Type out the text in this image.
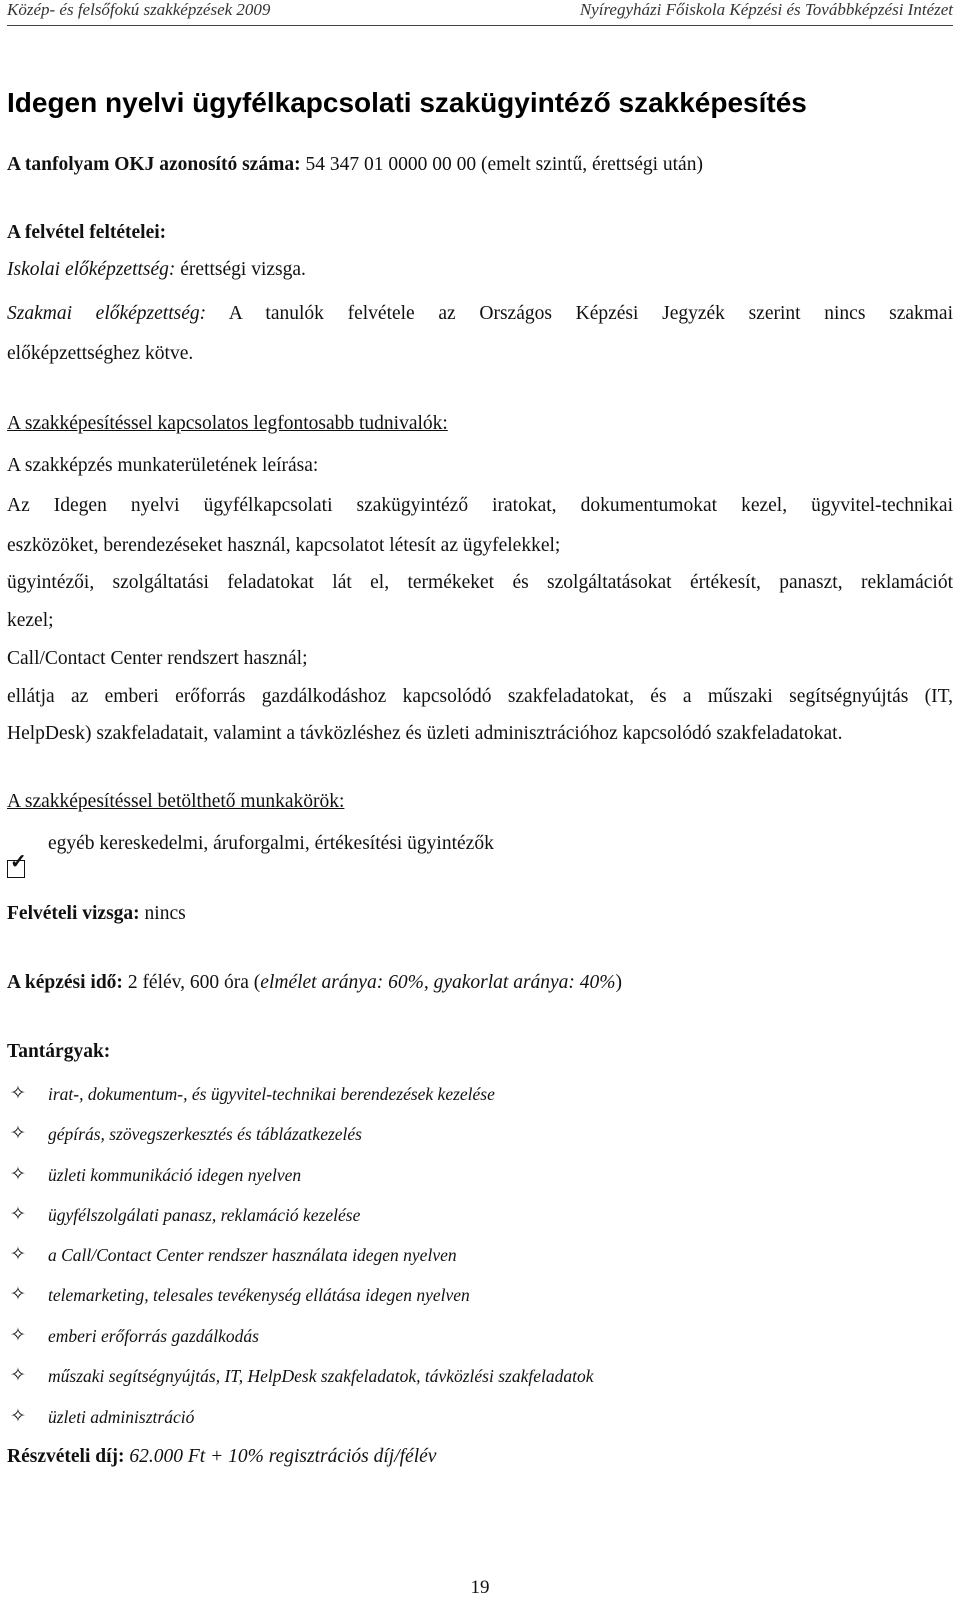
Közép- és felsőfokú szakképzések 2009	Nyíregyházi Főiskola Képzési és Továbbképzési Intézet
Idegen nyelvi ügyfélkapcsolati szakügyintéző szakképesítés
A tanfolyam OKJ azonosító száma: 54 347 01 0000 00 00 (emelt szintű, érettségi után)
A felvétel feltételei:
Iskolai előképzettség: érettségi vizsga.
Szakmai előképzettség: A tanulók felvétele az Országos Képzési Jegyzék szerint nincs szakmai
előképzettséghez kötve.
A szakképesítéssel kapcsolatos legfontosabb tudnivalók:
A szakképzés munkaterületének leírása:
Az Idegen nyelvi ügyfélkapcsolati szakügyintéző iratokat, dokumentumokat kezel, ügyvitel-technikai
eszközöket, berendezéseket használ, kapcsolatot létesít az ügyfelekkel;
ügyintézői, szolgáltatási feladatokat lát el, termékeket és szolgáltatásokat értékesít, panaszt, reklamációt
kezel;
Call/Contact Center rendszert használ;
ellátja az emberi erőforrás gazdálkodáshoz kapcsolódó szakfeladatokat, és a műszaki segítségnyújtás (IT,
HelpDesk) szakfeladatait, valamint a távközléshez és üzleti adminisztrációhoz kapcsolódó szakfeladatokat.
A szakképesítéssel betölthető munkakörök:
✓
egyéb kereskedelmi, áruforgalmi, értékesítési ügyintézők
Felvételi vizsga: nincs
A képzési idő: 2 félév, 600 óra (elmélet aránya: 60%, gyakorlat aránya: 40%)
Tantárgyak:
✧ irat-, dokumentum-, és ügyvitel-technikai berendezések kezelése
✧ gépírás, szövegszerkesztés és táblázatkezelés
✧ üzleti kommunikáció idegen nyelven
✧ ügyfélszolgálati panasz, reklamáció kezelése
✧ a Call/Contact Center rendszer használata idegen nyelven
✧ telemarketing, telesales tevékenység ellátása idegen nyelven
✧ emberi erőforrás gazdálkodás
✧ műszaki segítségnyújtás, IT, HelpDesk szakfeladatok, távközlési szakfeladatok
✧ üzleti adminisztráció
Részvételi díj: 62.000 Ft + 10% regisztrációs díj/félév
19
